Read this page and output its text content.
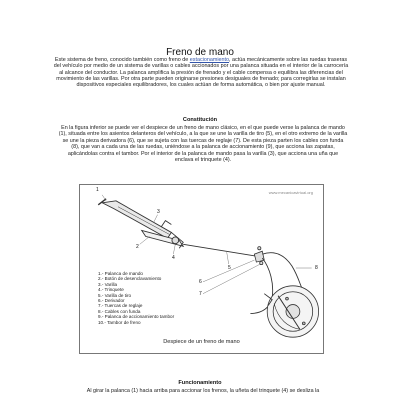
Freno de mano
Este sistema de freno, conocido también como freno de estacionamiento, actúa mecánicamente sobre las ruedas traseras del vehículo por medio de un sistema de varillas o cables accionados por una palanca situada en el interior de la carrocería al alcance del conductor. La palanca amplifica la presión de frenado y el cable compensa o equilibra las diferencias del movimiento de las varillas. Por otra parte pueden originarse presiones desiguales de frenado; para corregirlas se instalan dispositivos especiales equilibradores, los cuales actúan de forma automática, o bien por ajuste manual.
Constitución
En la figura inferior se puede ver el despiece de un freno de mano clásico, en el que puede verse la palanca de mando (1), situada entre los asientos delanteros del vehículo, a la que se une la varilla de tiro (5), en el otro extremo de la varilla se une la pieza derivadora (6), que se sujeta con las tuercas de reglaje (7). De esta pieza parten los cables con funda (8), que van a cada una de las ruedas, uniéndose a la palanca de accionamiento (9), que acciona las zapatas, aplicándolas contra el tambor. Por el interior de la palanca de mando pasa la varilla (3), que acciona una uña que enclava el trinquete (4).
www.mecanicavirtual.org
1
2
3
4
5
6
7
8
1.- Palanca de mando
2.- Botón de desenclavamiento
3.- Varilla
4.- Trinquete
5.- Varilla de tiro
6.- Derivador
7.- Tuercas de reglaje
8.- Cables con funda
9.- Palanca de accionamiento tambor
10.- Tambor de freno
Despiece de un freno de mano
Funcionamiento
Al girar la palanca (1) hacia arriba para accionar los frenos, la uñeta del trinquete (4) se desliza la
